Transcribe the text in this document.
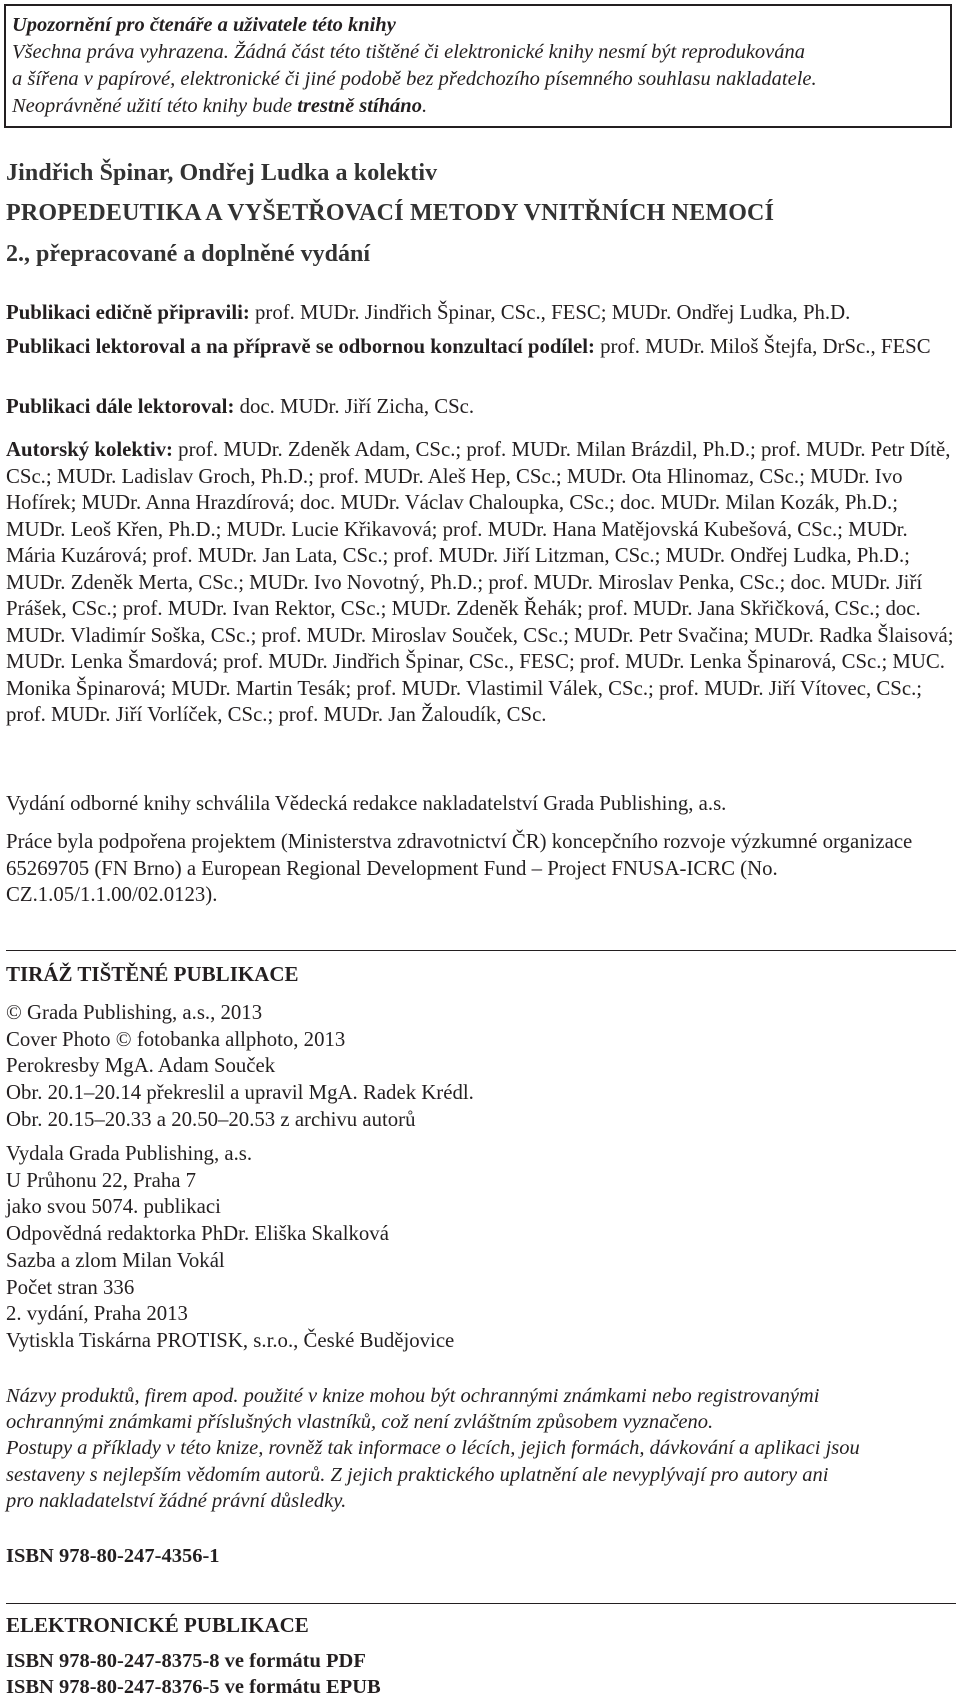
Upozornění pro čtenáře a uživatele této knihy
Všechna práva vyhrazena. Žádná část této tištěné či elektronické knihy nesmí být reprodukována
a šířena v papírové, elektronické či jiné podobě bez předchozího písemného souhlasu nakladatele.
Neoprávněné užití této knihy bude trestně stíháno.
Jindřich Špinar, Ondřej Ludka a kolektiv
PROPEDEUTIKA A VYŠETŘOVACÍ METODY VNITŘNÍCH NEMOCÍ
2., přepracované a doplněné vydání
Publikaci edičně připravili: prof. MUDr. Jindřich Špinar, CSc., FESC; MUDr. Ondřej Ludka, Ph.D.
Publikaci lektoroval a na přípravě se odbornou konzultací podílel: prof. MUDr. Miloš Štejfa, DrSc., FESC
Publikaci dále lektoroval: doc. MUDr. Jiří Zicha, CSc.
Autorský kolektiv: prof. MUDr. Zdeněk Adam, CSc.; prof. MUDr. Milan Brázdil, Ph.D.; prof. MUDr. Petr Dítě, CSc.; MUDr. Ladislav Groch, Ph.D.; prof. MUDr. Aleš Hep, CSc.; MUDr. Ota Hlinomaz, CSc.; MUDr. Ivo Hofírek; MUDr. Anna Hrazdírová; doc. MUDr. Václav Chaloupka, CSc.; doc. MUDr. Milan Kozák, Ph.D.; MUDr. Leoš Křen, Ph.D.; MUDr. Lucie Křikavová; prof. MUDr. Hana Matějovská Kubešová, CSc.; MUDr. Mária Kuzárová; prof. MUDr. Jan Lata, CSc.; prof. MUDr. Jiří Litzman, CSc.; MUDr. Ondřej Ludka, Ph.D.; MUDr. Zdeněk Merta, CSc.; MUDr. Ivo Novotný, Ph.D.; prof. MUDr. Miroslav Penka, CSc.; doc. MUDr. Jiří Prášek, CSc.; prof. MUDr. Ivan Rektor, CSc.; MUDr. Zdeněk Řehák; prof. MUDr. Jana Skřičková, CSc.; doc. MUDr. Vladimír Soška, CSc.; prof. MUDr. Miroslav Souček, CSc.; MUDr. Petr Svačina; MUDr. Radka Šlaisová; MUDr. Lenka Šmardová; prof. MUDr. Jindřich Špinar, CSc., FESC; prof. MUDr. Lenka Špinarová, CSc.; MUC. Monika Špinarová; MUDr. Martin Tesák; prof. MUDr. Vlastimil Válek, CSc.; prof. MUDr. Jiří Vítovec, CSc.; prof. MUDr. Jiří Vorlíček, CSc.; prof. MUDr. Jan Žaloudík, CSc.
Vydání odborné knihy schválila Vědecká redakce nakladatelství Grada Publishing, a.s.
Práce byla podpořena projektem (Ministerstva zdravotnictví ČR) koncepčního rozvoje výzkumné organizace 65269705 (FN Brno) a European Regional Development Fund – Project FNUSA-ICRC (No. CZ.1.05/1.1.00/02.0123).
TIRÁŽ TIŠTĚNÉ PUBLIKACE
© Grada Publishing, a.s., 2013
Cover Photo © fotobanka allphoto, 2013
Perokresby MgA. Adam Souček
Obr. 20.1–20.14 překreslil a upravil MgA. Radek Krédl.
Obr. 20.15–20.33 a 20.50–20.53 z archivu autorů
Vydala Grada Publishing, a.s.
U Průhonu 22, Praha 7
jako svou 5074. publikaci
Odpovědná redaktorka PhDr. Eliška Skalková
Sazba a zlom Milan Vokál
Počet stran 336
2. vydání, Praha 2013
Vytiskla Tiskárna PROTISK, s.r.o., České Budějovice
Názvy produktů, firem apod. použité v knize mohou být ochrannými známkami nebo registrovanými
ochrannými známkami příslušných vlastníků, což není zvláštním způsobem vyznačeno.
Postupy a příklady v této knize, rovněž tak informace o lécích, jejich formách, dávkování a aplikaci jsou
sestaveny s nejlepším vědomím autorů. Z jejich praktického uplatnění ale nevyplývají pro autory ani
pro nakladatelství žádné právní důsledky.
ISBN 978-80-247-4356-1
ELEKTRONICKÉ PUBLIKACE
ISBN 978-80-247-8375-8 ve formátu PDF
ISBN 978-80-247-8376-5 ve formátu EPUB
